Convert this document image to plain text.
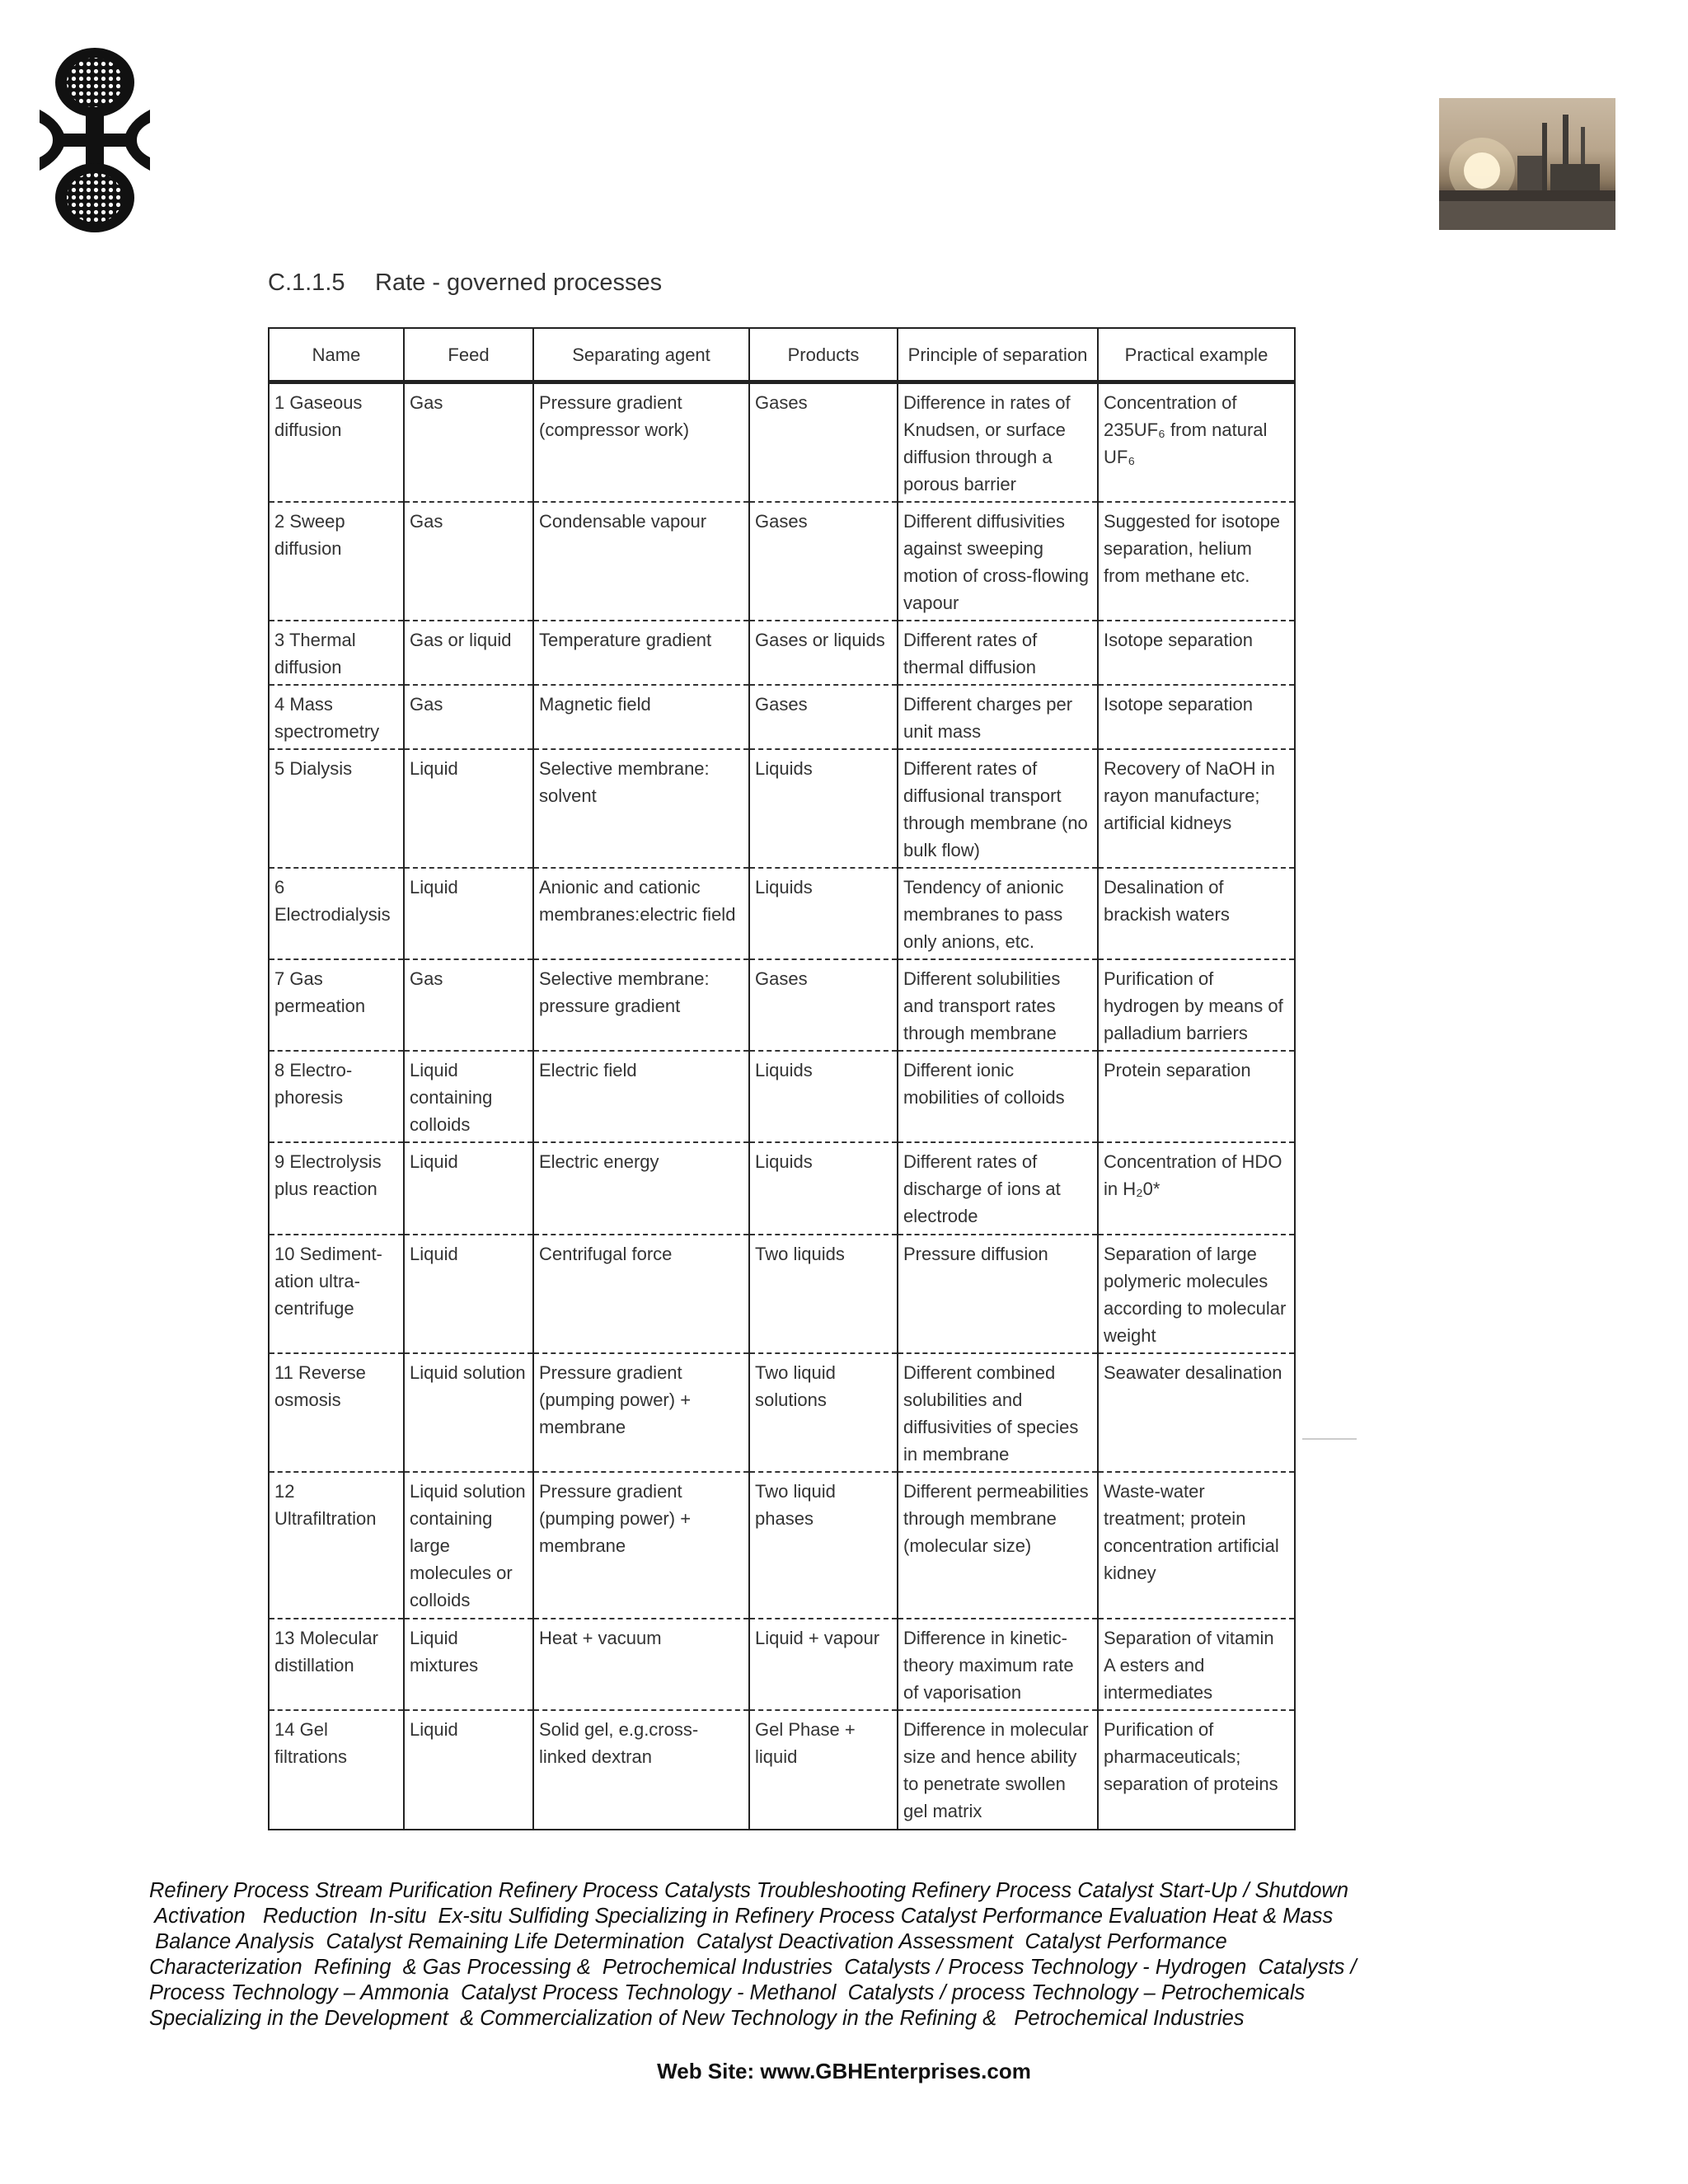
C.1.1.5 Rate - governed processes
Name	Feed	Separating agent	Products	Principle of separation	Practical example
1 Gaseous diffusion	Gas	Pressure gradient (compressor work)	Gases	Difference in rates of Knudsen, or surface diffusion through a porous barrier	Concentration of 235UF₆ from natural UF₆
2 Sweep diffusion	Gas	Condensable vapour	Gases	Different diffusivities against sweeping motion of cross-flowing vapour	Suggested for isotope separation, helium from methane etc.
3 Thermal diffusion	Gas or liquid	Temperature gradient	Gases or liquids	Different rates of thermal diffusion	Isotope separation
4 Mass spectrometry	Gas	Magnetic field	Gases	Different charges per unit mass	Isotope separation
5 Dialysis	Liquid	Selective membrane: solvent	Liquids	Different rates of diffusional transport through membrane (no bulk flow)	Recovery of NaOH in rayon manufacture; artificial kidneys
6 Electrodialysis	Liquid	Anionic and cationic membranes:electric field	Liquids	Tendency of anionic membranes to pass only anions, etc.	Desalination of brackish waters
7 Gas permeation	Gas	Selective membrane: pressure gradient	Gases	Different solubilities and transport rates through membrane	Purification of hydrogen by means of palladium barriers
8 Electro-phoresis	Liquid containing colloids	Electric field	Liquids	Different ionic mobilities of colloids	Protein separation
9 Electrolysis plus reaction	Liquid	Electric energy	Liquids	Different rates of discharge of ions at electrode	Concentration of HDO in H₂0*
10 Sediment-ation ultra-centrifuge	Liquid	Centrifugal force	Two liquids	Pressure diffusion	Separation of large polymeric molecules according to molecular weight
11 Reverse osmosis	Liquid solution	Pressure gradient (pumping power) + membrane	Two liquid solutions	Different combined solubilities and diffusivities of species in membrane	Seawater desalination
12 Ultrafiltration	Liquid solution containing large molecules or colloids	Pressure gradient (pumping power) + membrane	Two liquid phases	Different permeabilities through membrane (molecular size)	Waste-water treatment; protein concentration artificial kidney
13 Molecular distillation	Liquid mixtures	Heat + vacuum	Liquid + vapour	Difference in kinetic-theory maximum rate of vaporisation	Separation of vitamin A esters and intermediates
14 Gel filtrations	Liquid	Solid gel, e.g.cross-linked dextran	Gel Phase + liquid	Difference in molecular size and hence ability to penetrate swollen gel matrix	Purification of pharmaceuticals; separation of proteins

Refinery Process Stream Purification Refinery Process Catalysts Troubleshooting Refinery Process Catalyst Start-Up / Shutdown

Activation   Reduction  In-situ  Ex-situ Sulfiding Specializing in Refinery Process Catalyst Performance Evaluation Heat & Mass

Balance Analysis  Catalyst Remaining Life Determination  Catalyst Deactivation Assessment  Catalyst Performance

Characterization  Refining  & Gas Processing &  Petrochemical Industries  Catalysts / Process Technology - Hydrogen  Catalysts /

Process Technology – Ammonia  Catalyst Process Technology - Methanol  Catalysts / process Technology – Petrochemicals

Specializing in the Development  & Commercialization of New Technology in the Refining &   Petrochemical Industries

Web Site: www.GBHEnterprises.com
